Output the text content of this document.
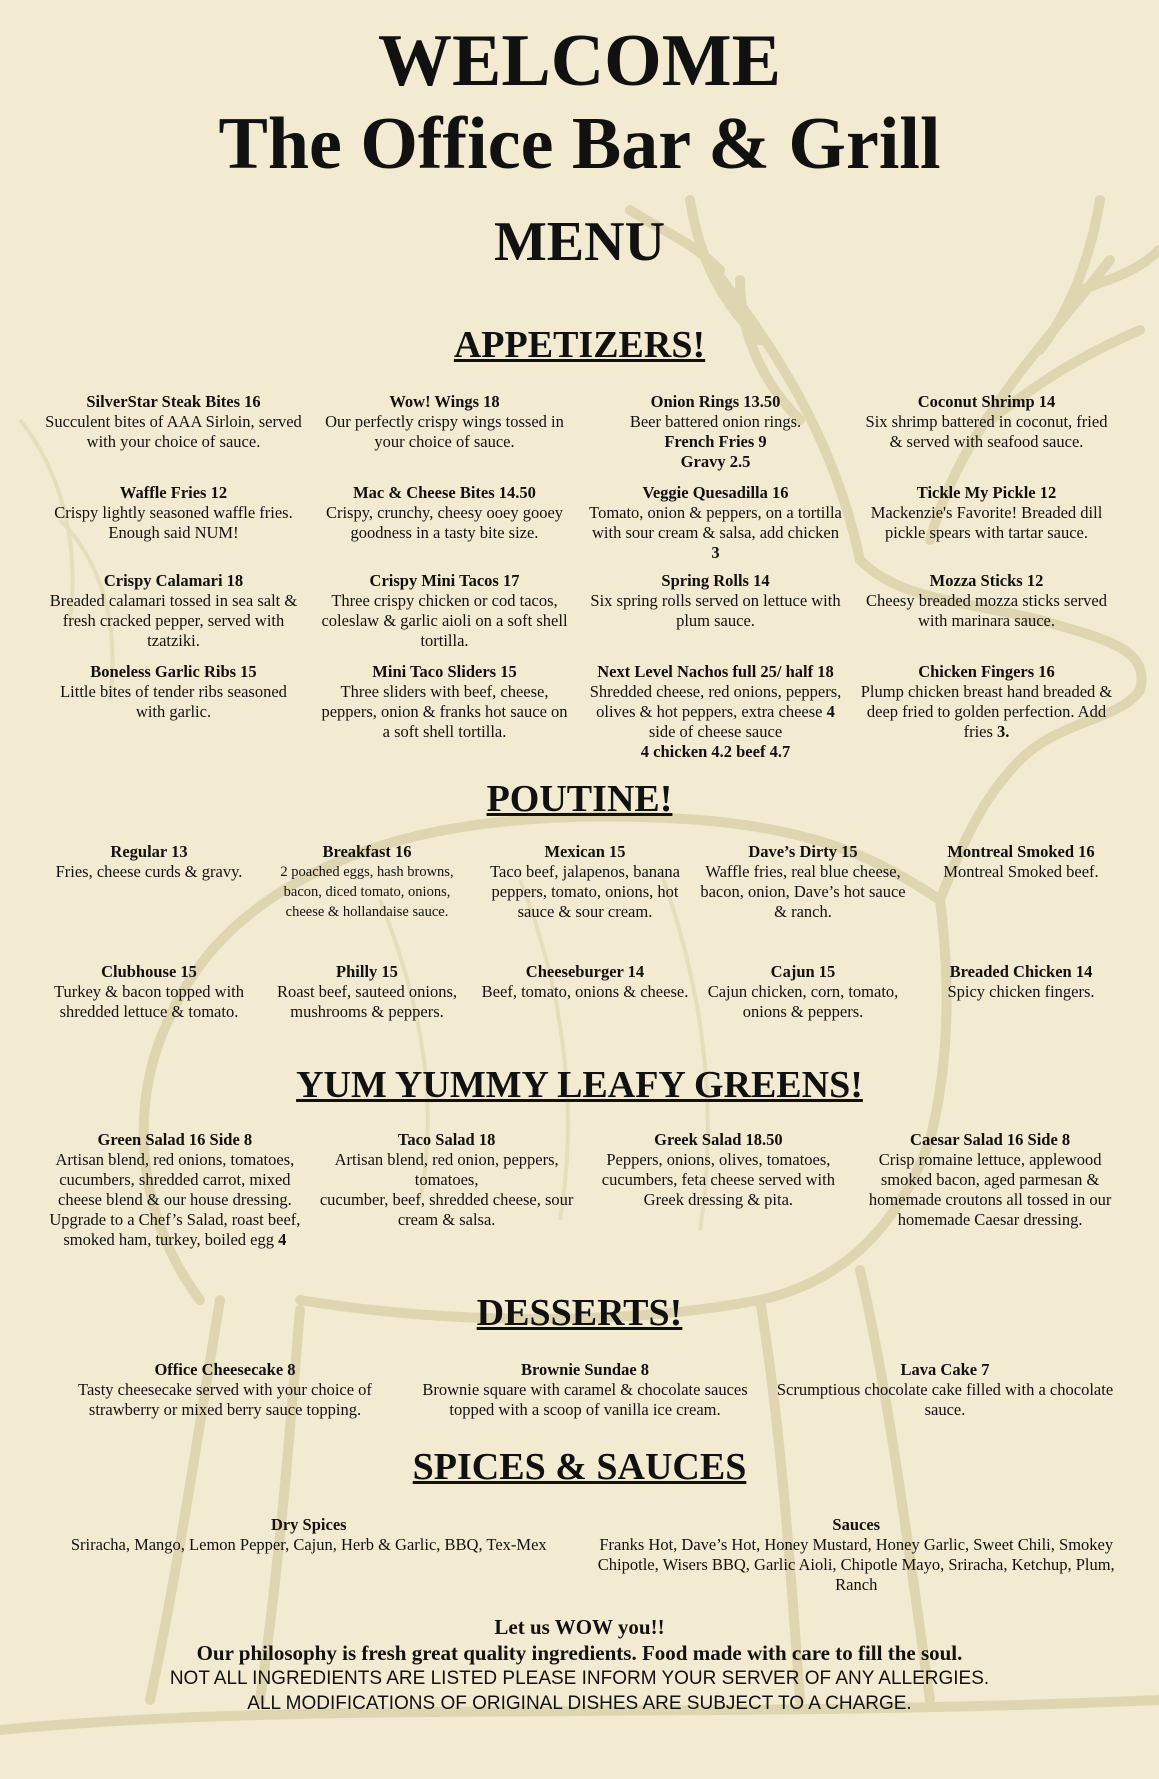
WELCOME
The Office Bar & Grill
MENU
APPETIZERS!
SilverStar Steak Bites 16
Succulent bites of AAA Sirloin, served with your choice of sauce.
Wow! Wings 18
Our perfectly crispy wings tossed in your choice of sauce.
Onion Rings 13.50
Beer battered onion rings.
French Fries 9
Gravy 2.5
Coconut Shrimp 14
Six shrimp battered in coconut, fried & served with seafood sauce.
Waffle Fries 12
Crispy lightly seasoned waffle fries. Enough said NUM!
Mac & Cheese Bites 14.50
Crispy, crunchy, cheesy ooey gooey goodness in a tasty bite size.
Veggie Quesadilla 16
Tomato, onion & peppers, on a tortilla with sour cream & salsa, add chicken 3
Tickle My Pickle 12
Mackenzie's Favorite! Breaded dill pickle spears with tartar sauce.
Crispy Calamari 18
Breaded calamari tossed in sea salt & fresh cracked pepper, served with tzatziki.
Crispy Mini Tacos 17
Three crispy chicken or cod tacos, coleslaw & garlic aioli on a soft shell tortilla.
Spring Rolls 14
Six spring rolls served on lettuce with plum sauce.
Mozza Sticks 12
Cheesy breaded mozza sticks served with marinara sauce.
Boneless Garlic Ribs 15
Little bites of tender ribs seasoned with garlic.
Mini Taco Sliders 15
Three sliders with beef, cheese, peppers, onion & franks hot sauce on a soft shell tortilla.
Next Level Nachos full 25/ half 18
Shredded cheese, red onions, peppers, olives & hot peppers, extra cheese 4 side of cheese sauce
4 chicken 4.2 beef 4.7
Chicken Fingers 16
Plump chicken breast hand breaded & deep fried to golden perfection. Add fries 3.
POUTINE!
Regular 13
Fries, cheese curds & gravy.
Breakfast 16
2 poached eggs, hash browns, bacon, diced tomato, onions, cheese & hollandaise sauce.
Mexican 15
Taco beef, jalapenos, banana peppers, tomato, onions, hot sauce & sour cream.
Dave’s Dirty 15
Waffle fries, real blue cheese, bacon, onion, Dave’s hot sauce & ranch.
Montreal Smoked 16
Montreal Smoked beef.
Clubhouse 15
Turkey & bacon topped with shredded lettuce & tomato.
Philly 15
Roast beef, sauteed onions, mushrooms & peppers.
Cheeseburger 14
Beef, tomato, onions & cheese.
Cajun 15
Cajun chicken, corn, tomato, onions & peppers.
Breaded Chicken 14
Spicy chicken fingers.
YUM YUMMY LEAFY GREENS!
Green Salad 16 Side 8
Artisan blend, red onions, tomatoes, cucumbers, shredded carrot, mixed cheese blend & our house dressing. Upgrade to a Chef’s Salad, roast beef, smoked ham, turkey, boiled egg 4
Taco Salad 18
Artisan blend, red onion, peppers, tomatoes,
cucumber, beef, shredded cheese, sour cream & salsa.
Greek Salad 18.50
Peppers, onions, olives, tomatoes, cucumbers, feta cheese served with Greek dressing & pita.
Caesar Salad 16 Side 8
Crisp romaine lettuce, applewood smoked bacon, aged parmesan & homemade croutons all tossed in our homemade Caesar dressing.
DESSERTS!
Office Cheesecake 8
Tasty cheesecake served with your choice of strawberry or mixed berry sauce topping.
Brownie Sundae 8
Brownie square with caramel & chocolate sauces topped with a scoop of vanilla ice cream.
Lava Cake 7
Scrumptious chocolate cake filled with a chocolate sauce.
SPICES & SAUCES
Dry Spices
Sriracha, Mango, Lemon Pepper, Cajun, Herb & Garlic, BBQ, Tex-Mex
Sauces
Franks Hot, Dave’s Hot, Honey Mustard, Honey Garlic, Sweet Chili, Smokey Chipotle, Wisers BBQ, Garlic Aioli, Chipotle Mayo, Sriracha, Ketchup, Plum, Ranch
Let us WOW you!!
Our philosophy is fresh great quality ingredients. Food made with care to fill the soul.
NOT ALL INGREDIENTS ARE LISTED PLEASE INFORM YOUR SERVER OF ANY ALLERGIES.
ALL MODIFICATIONS OF ORIGINAL DISHES ARE SUBJECT TO A CHARGE.
